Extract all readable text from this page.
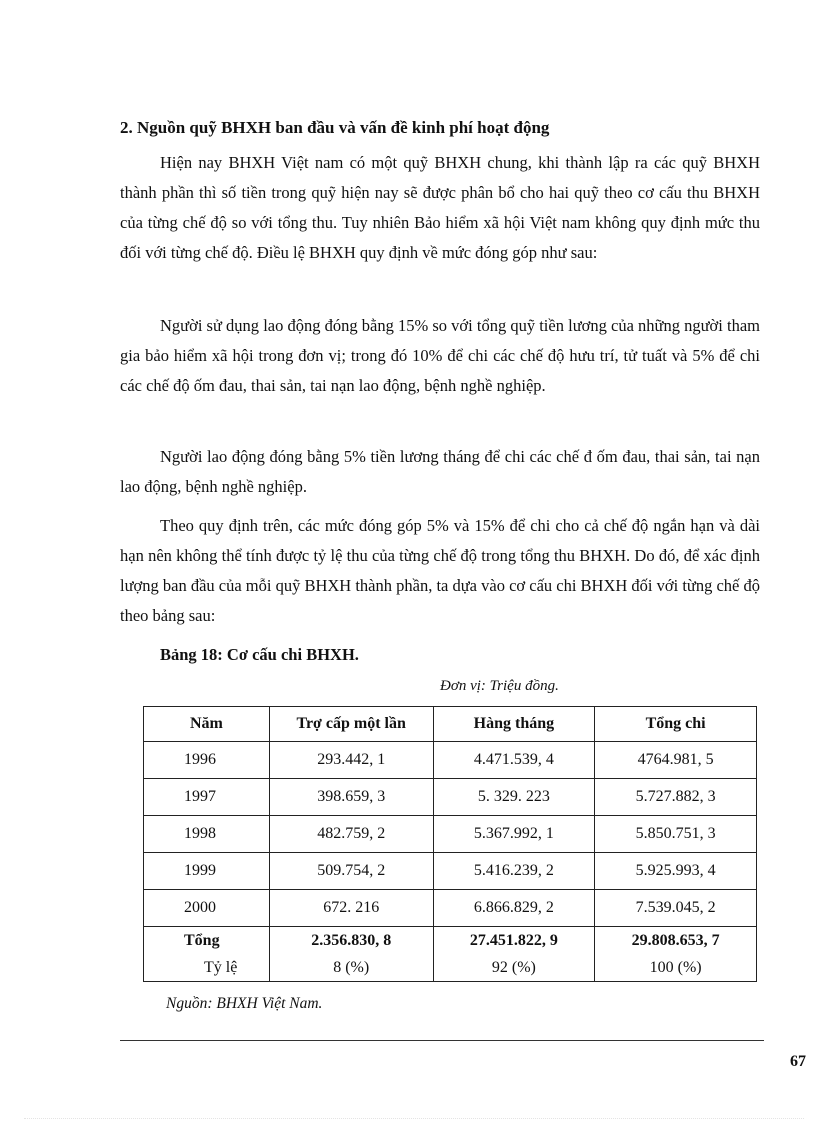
2. Nguồn quỹ BHXH ban đầu và vấn đề kinh phí hoạt động
Hiện nay BHXH Việt nam có một quỹ BHXH chung, khi thành lập ra các quỹ BHXH thành phần thì số tiền trong quỹ hiện nay sẽ được phân bổ cho hai quỹ theo cơ cấu thu BHXH của từng chế độ so với tổng thu. Tuy nhiên Bảo hiểm xã hội Việt nam không quy định mức thu đối với từng chế độ. Điều lệ BHXH quy định về mức đóng góp như sau:
Người sử dụng lao động đóng bằng 15% so với tổng quỹ tiền lương của những người tham gia bảo hiểm xã hội trong đơn vị; trong đó 10% để chi các chế độ hưu trí, tử tuất và 5% để chi các chế độ ốm đau, thai sản, tai nạn lao động, bệnh nghề nghiệp.
Người lao động đóng bằng 5% tiền lương tháng để chi các chế đ ốm đau, thai sản, tai nạn lao động, bệnh nghề nghiệp.
Theo quy định trên, các mức đóng góp 5% và 15% để chi cho cả chế độ ngắn hạn và dài hạn nên không thể tính được tỷ lệ thu của từng chế độ trong tổng thu BHXH. Do đó, để xác định lượng ban đầu của mỗi quỹ BHXH thành phần, ta dựa vào cơ cấu chi BHXH đối với từng chế độ theo bảng sau:
Bảng 18: Cơ cấu chi BHXH.
Đơn vị: Triệu đồng.
Năm	Trợ cấp một lần	Hàng tháng	Tổng chi
1996	293.442, 1	4.471.539, 4	4764.981, 5
1997	398.659, 3	5. 329. 223	5.727.882, 3
1998	482.759, 2	5.367.992, 1	5.850.751, 3
1999	509.754, 2	5.416.239, 2	5.925.993, 4
2000	672. 216	6.866.829, 2	7.539.045, 2
Tổng	2.356.830, 8	27.451.822, 9	29.808.653, 7
Tỷ lệ	8 (%)	92 (%)	100 (%)
Nguồn: BHXH Việt Nam.
67
